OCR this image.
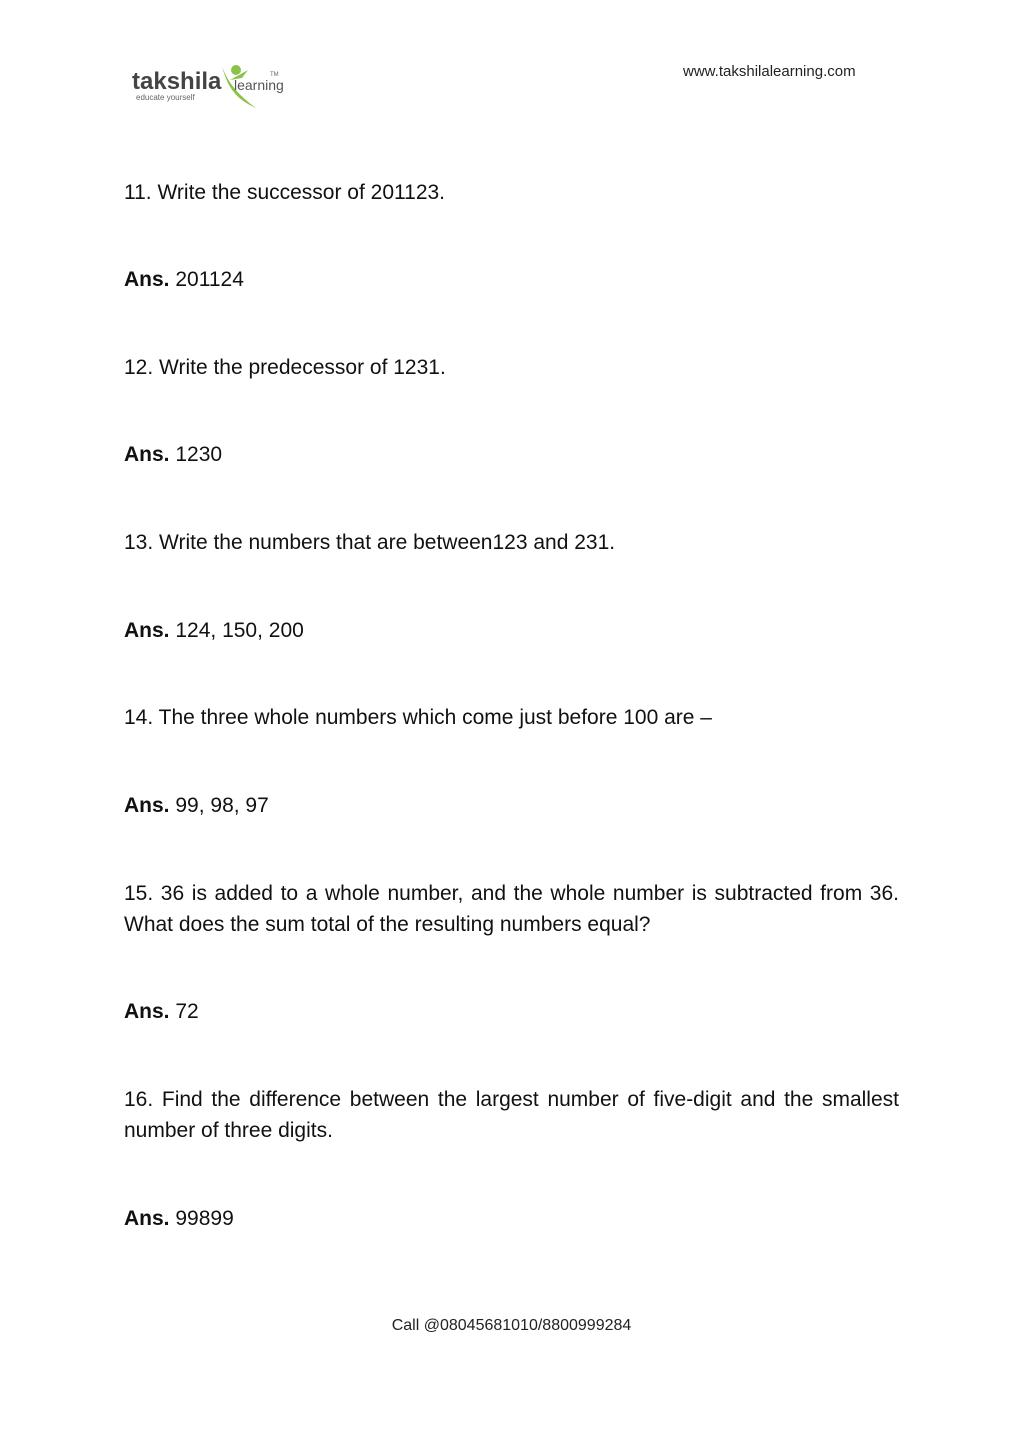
takshila learning
educate yourself
TM	www.takshilalearning.com
11. Write the successor of 201123.
Ans. 201124
12. Write the predecessor of 1231.
Ans. 1230
13. Write the numbers that are between123 and 231.
Ans. 124, 150, 200
14. The three whole numbers which come just before 100 are –
Ans. 99, 98, 97
15. 36 is added to a whole number, and the whole number is subtracted from 36. What does the sum total of the resulting numbers equal?
Ans. 72
16. Find the difference between the largest number of five-digit and the smallest number of three digits.
Ans. 99899
Call @08045681010/8800999284
